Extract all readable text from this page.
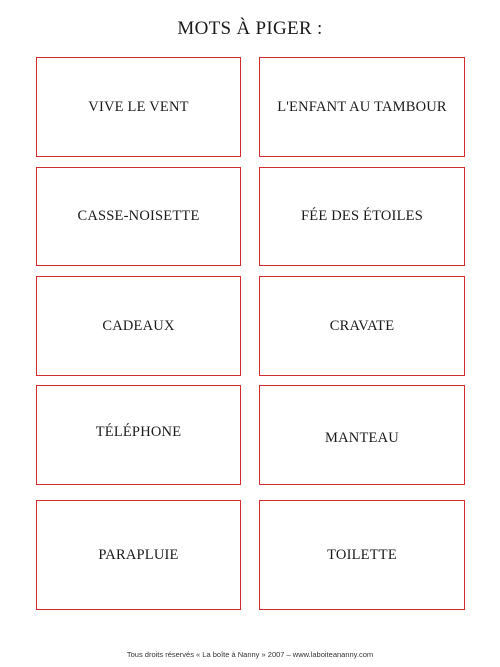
MOTS À PIGER :
VIVE LE VENT	L'ENFANT AU TAMBOUR
CASSE-NOISETTE	FÉE DES ÉTOILES
CADEAUX	CRAVATE
TÉLÉPHONE	MANTEAU
PARAPLUIE	TOILETTE
Tous droits réservés « La boîte à Nanny » 2007 – www.laboiteananny.com
